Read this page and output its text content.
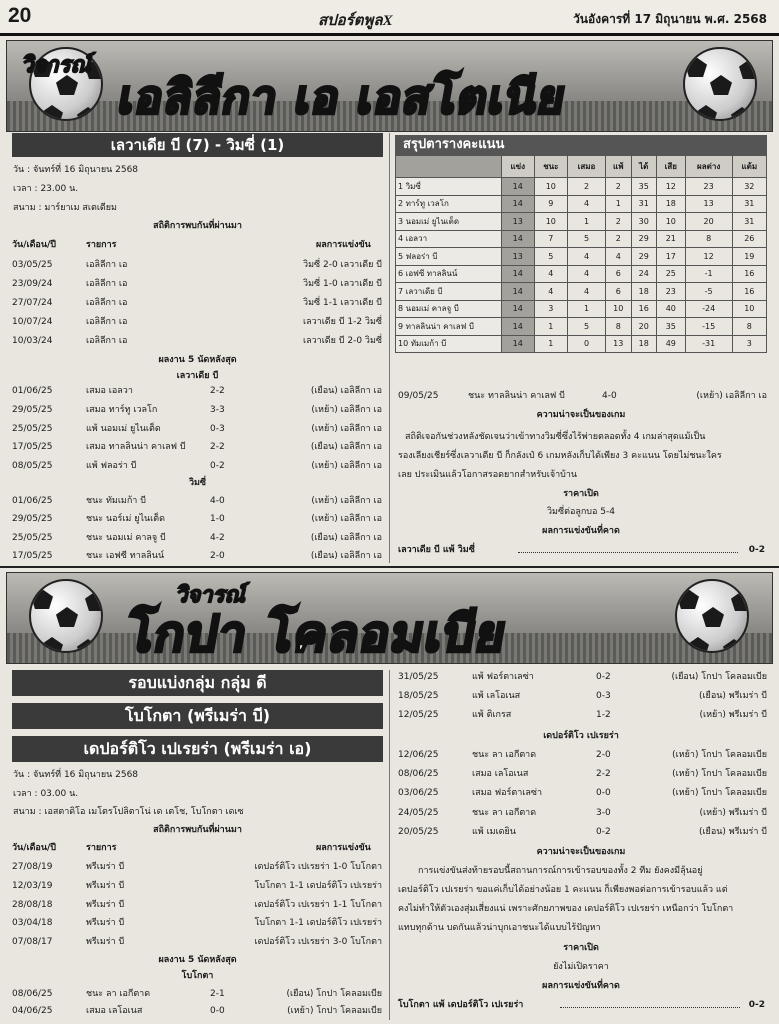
20	สปอร์ตพูลX	วันอังคารที่ 17 มิถุนายน พ.ศ. 2568
วิจารณ์
เอลิลีกา เอ เอสโตเนีย
เลวาเดีย บี (7) - วิมซี่ (1)
วัน : จันทร์ที่ 16 มิถุนายน 2568
เวลา : 23.00 น.
สนาม : มาร์ยาเม สเตเดียม
สถิติการพบกันที่ผ่านมา
วัน/เดือน/ปี	รายการ	ผลการแข่งขัน
03/05/25	เอลิลีกา เอ	วิมซี่ 2-0 เลวาเดีย บี
23/09/24	เอลิลีกา เอ	วิมซี่ 1-0 เลวาเดีย บี
27/07/24	เอลิลีกา เอ	วิมซี่ 1-1 เลวาเดีย บี
10/07/24	เอลิลีกา เอ	เลวาเดีย บี 1-2 วิมซี่
10/03/24	เอลิลีกา เอ	เลวาเดีย บี 2-0 วิมซี่
ผลงาน 5 นัดหลังสุด
เลวาเดีย บี
01/06/25	เสมอ เอลวา	2-2	(เยือน) เอลิลีกา เอ
29/05/25	เสมอ ทาร์ทู เวลโก	3-3	(เหย้า) เอลิลีกา เอ
25/05/25	แพ้ นอมเม่ ยูไนเต็ด	0-3	(เหย้า) เอลิลีกา เอ
17/05/25	เสมอ ทาลลินน่า คาเลฟ บี	2-2	(เยือน) เอลิลีกา เอ
08/05/25	แพ้ ฟลอร่า บี	0-2	(เหย้า) เอลิลีกา เอ
วิมซี่
01/06/25	ชนะ ทัมเมก้า บี	4-0	(เหย้า) เอลิลีกา เอ
29/05/25	ชนะ นอร์เม่ ยูไนเต็ด	1-0	(เหย้า) เอลิลีกา เอ
25/05/25	ชนะ นอมเม่ คาลจู บี	4-2	(เยือน) เอลิลีกา เอ
17/05/25	ชนะ เอฟซี ทาลลินน์	2-0	(เยือน) เอลิลีกา เอ
สรุปตารางคะแนน
	แข่ง	ชนะ	เสมอ	แพ้	ได้	เสีย	ผลต่าง	แต้ม
1 วิมซี่	14	10	2	2	35	12	23	32
2 ทาร์ทู เวลโก	14	9	4	1	31	18	13	31
3 นอมเม่ ยูไนเต็ด	13	10	1	2	30	10	20	31
4 เอลวา	14	7	5	2	29	21	8	26
5 ฟลอร่า บี	13	5	4	4	29	17	12	19
6 เอฟซี ทาลลินน์	14	4	4	6	24	25	-1	16
7 เลวาเดีย บี	14	4	4	6	18	23	-5	16
8 นอมเม่ คาลจู บี	14	3	1	10	16	40	-24	10
9 ทาลลินน่า คาเลฟ บี	14	1	5	8	20	35	-15	8
10 ทัมเมก้า บี	14	1	0	13	18	49	-31	3
09/05/25	ชนะ ทาลลินน่า คาเลฟ บี	4-0	(เหย้า) เอลิลีกา เอ
ความน่าจะเป็นของเกม
สถิติเจอกันช่วงหลังชัดเจนว่าเข้าทางวิมซี่ซึ่งไร้พ่ายตลอดทั้ง 4 เกมล่าสุดแม้เป็น
รองเลียงเชียร์ซึ่งเลวาเดีย บี ก็กลังเป๋ 6 เกมหลังเก็บได้เพียง 3 คะแนน โดยไม่ชนะใคร
เลย ประเมินแล้วโอกาสรอดยากสำหรับเจ้าบ้าน
ราคาเปิด
วิมซี่ต่อลูกบอ 5-4
ผลการแข่งขันที่คาด
เลวาเดีย บี แพ้ วิมซี่	0-2
วิจารณ์
โกปา โคลอมเบีย
รอบแบ่งกลุ่ม กลุ่ม ดี
โบโกตา (พรีเมร่า บี)
เดปอร์ติโว เปเรยร่า (พรีเมร่า เอ)
วัน : จันทร์ที่ 16 มิถุนายน 2568
เวลา : 03.00 น.
สนาม : เอสตาดิโอ เมโตรโปลิตาโน่ เด เตโช, โบโกตา เดเซ
สถิติการพบกันที่ผ่านมา
วัน/เดือน/ปี	รายการ	ผลการแข่งขัน
27/08/19	พรีเมร่า บี	เดปอร์ติโว เปเรยร่า 1-0 โบโกตา
12/03/19	พรีเมร่า บี	โบโกตา 1-1 เดปอร์ติโว เปเรยร่า
28/08/18	พรีเมร่า บี	เดปอร์ติโว เปเรยร่า 1-1 โบโกตา
03/04/18	พรีเมร่า บี	โบโกตา 1-1 เดปอร์ติโว เปเรยร่า
07/08/17	พรีเมร่า บี	เดปอร์ติโว เปเรยร่า 3-0 โบโกตา
ผลงาน 5 นัดหลังสุด
โบโกตา
08/06/25	ชนะ ลา เอกีตาด	2-1	(เยือน) โกปา โคลอมเบีย
04/06/25	เสมอ เลโอเนส	0-0	(เหย้า) โกปา โคลอมเบีย
31/05/25	แพ้ ฟอร์ตาเลซ่า	0-2	(เยือน) โกปา โคลอมเบีย
18/05/25	แพ้ เลโอเนส	0-3	(เยือน) พรีเมร่า บี
12/05/25	แพ้ ติเกรส	1-2	(เหย้า) พรีเมร่า บี
เดปอร์ติโว เปเรยร่า
12/06/25	ชนะ ลา เอกีตาด	2-0	(เหย้า) โกปา โคลอมเบีย
08/06/25	เสมอ เลโอเนส	2-2	(เหย้า) โกปา โคลอมเบีย
03/06/25	เสมอ ฟอร์ตาเลซ่า	0-0	(เหย้า) โกปา โคลอมเบีย
24/05/25	ชนะ ลา เอกีตาด	3-0	(เหย้า) พรีเมร่า บี
20/05/25	แพ้ เมเดยิน	0-2	(เยือน) พรีเมร่า บี
ความน่าจะเป็นของเกม
การแข่งขันส่งท้ายรอบนี้สถานการณ์การเข้ารอบของทั้ง 2 ทีม ยังคงมีลุ้นอยู่
เดปอร์ติโว เปเรยร่า ขอแค่เก็บได้อย่างน้อย 1 คะแนน ก็เพียงพอต่อการเข้ารอบแล้ว แต่
คงไม่ทำให้ตัวเองสุ่มเสี่ยงแน่ เพราะศักยภาพของ เดปอร์ติโว เปเรยร่า เหนือกว่า โบโกตา
แทบทุกด้าน บดกันแล้วน่าบุกเอาชนะได้แบบไร้ปัญหา
ราคาเปิด
ยังไม่เปิดราคา
ผลการแข่งขันที่คาด
โบโกตา แพ้ เดปอร์ติโว เปเรยร่า	0-2
